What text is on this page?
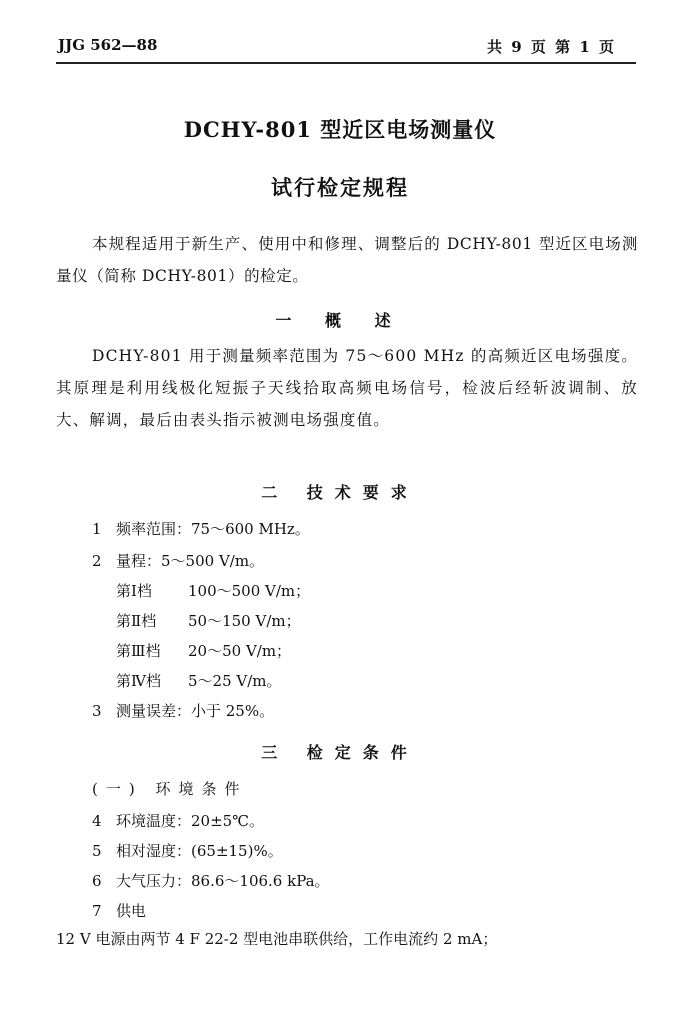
JJG 562—88	共 9 页 第 1 页
DCHY-801 型近区电场测量仪
试行检定规程
本规程适用于新生产、使用中和修理、调整后的 DCHY-801 型近区电场测量仪（简称 DCHY-801）的检定。
一 概 述
DCHY-801 用于测量频率范围为 75～600 MHz 的高频近区电场强度。其原理是利用线极化短振子天线拾取高频电场信号，检波后经斩波调制、放大、解调，最后由表头指示被测电场强度值。
二 技术要求
1 频率范围：75～600 MHz。
2 量程：5～500 V/m。
第Ⅰ档 100～500 V/m；
第Ⅱ档 50～150 V/m；
第Ⅲ档 20～50 V/m；
第Ⅳ档 5～25 V/m。
3 测量误差：小于 25%。
三 检定条件
(一) 环境条件
4 环境温度：20±5℃。
5 相对湿度：(65±15)%。
6 大气压力：86.6～106.6 kPa。
7 供电
12 V 电源由两节 4 F 22-2 型电池串联供给，工作电流约 2 mA；
